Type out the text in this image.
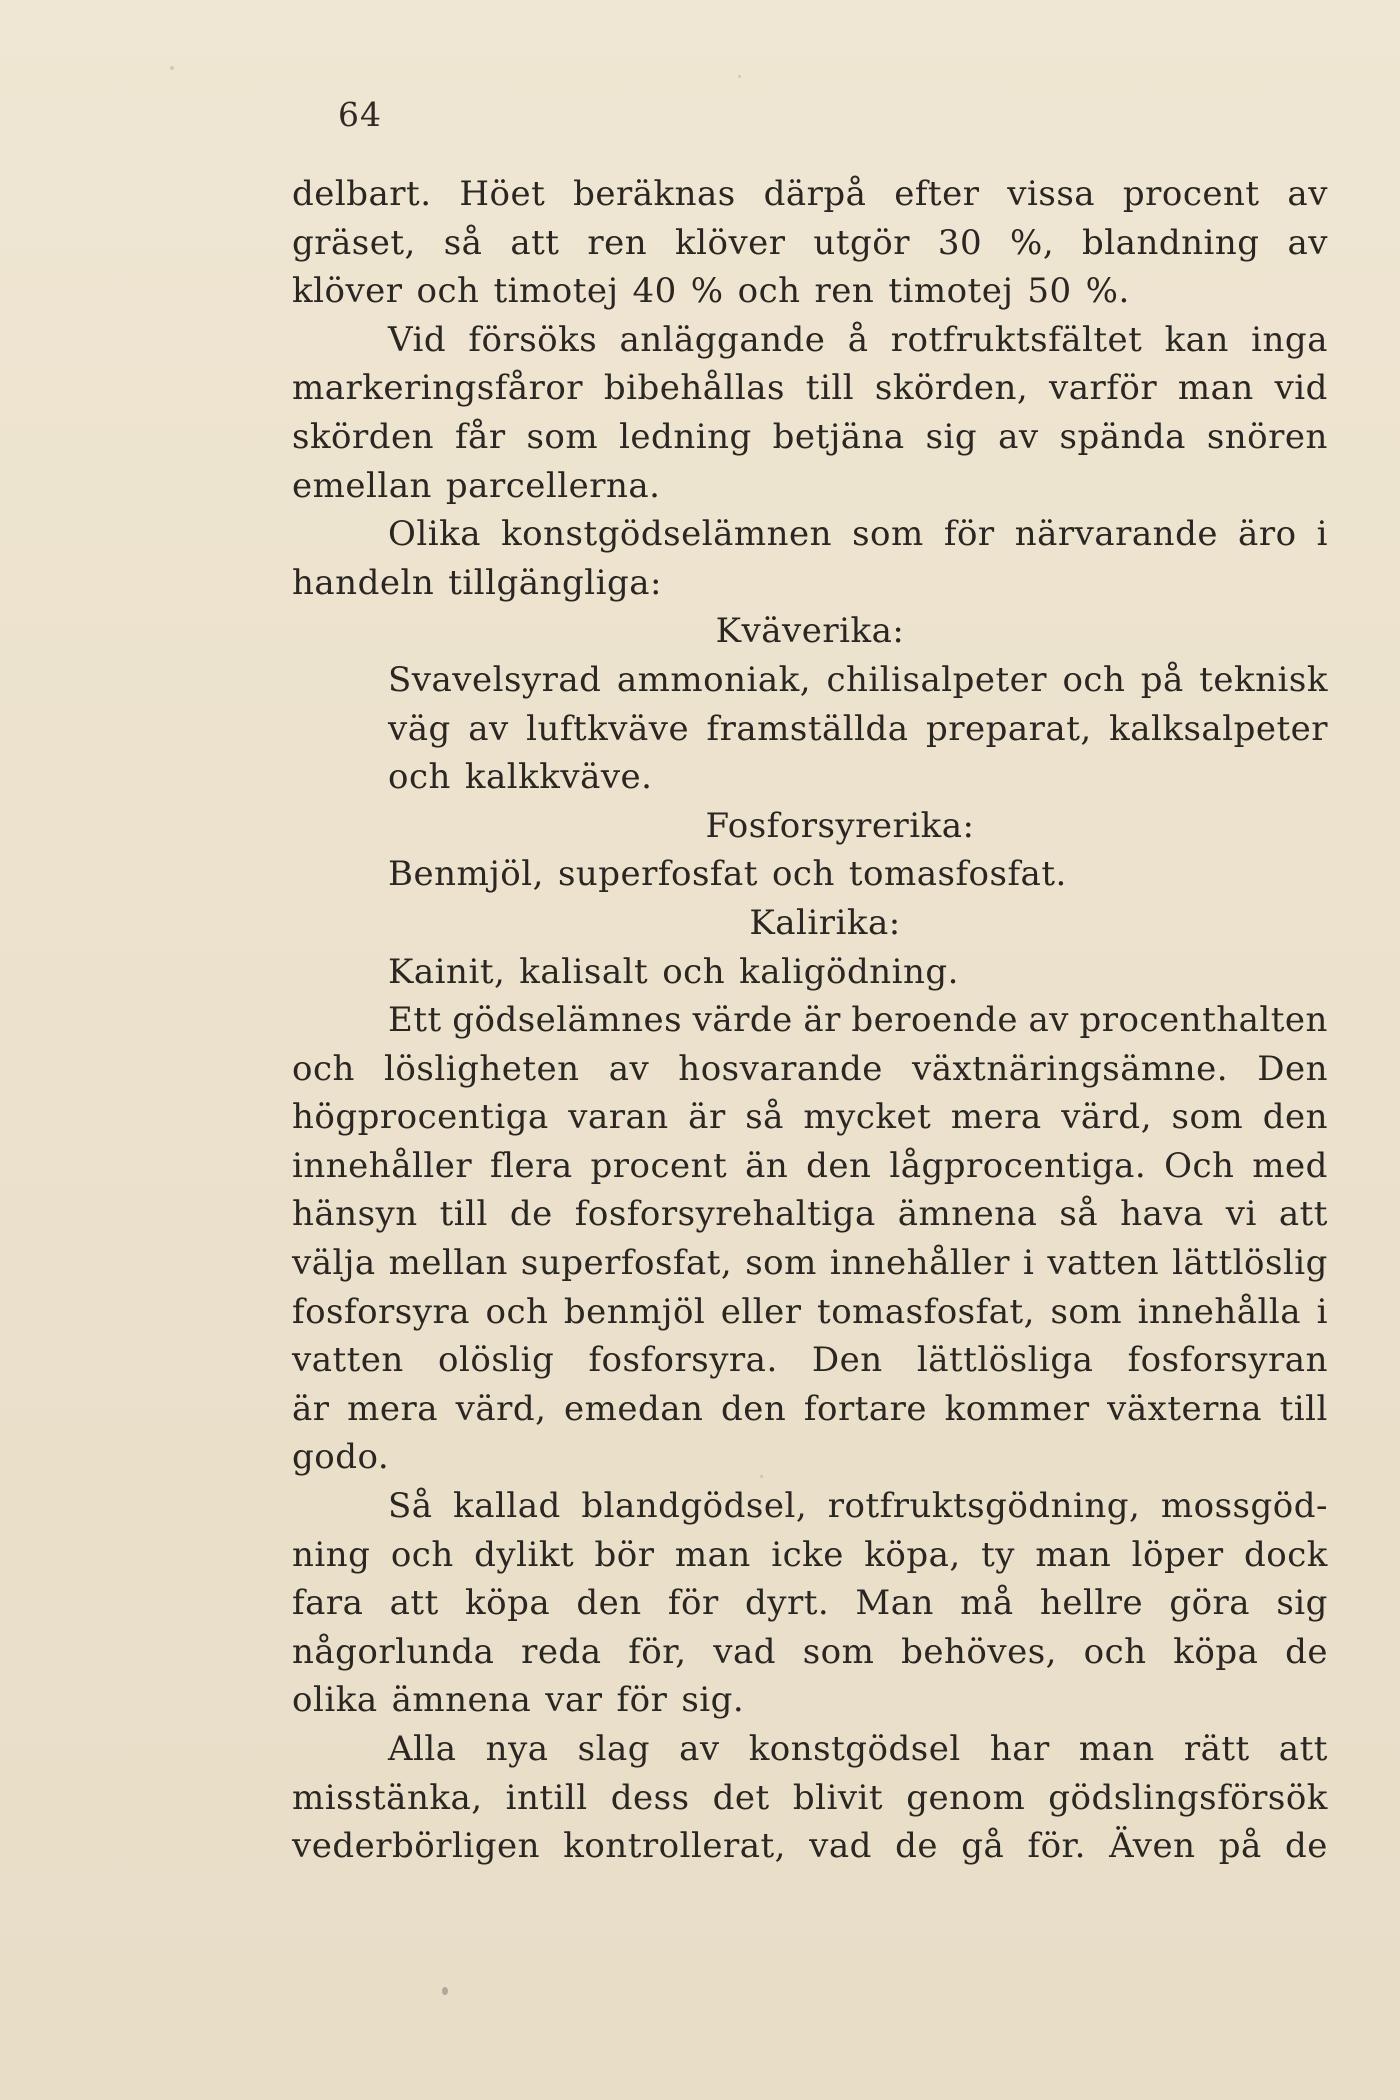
64
delbart. Höet beräknas därpå efter vissa procent av
gräset, så att ren klöver utgör 30 %, blandning av
klöver och timotej 40 % och ren timotej 50 %.
Vid försöks anläggande å rotfruktsfältet kan inga
markeringsfåror bibehållas till skörden, varför man vid
skörden får som ledning betjäna sig av spända snören
emellan parcellerna.
Olika konstgödselämnen som för närvarande äro i
handeln tillgängliga:
Kväverika:
Svavelsyrad ammoniak, chilisalpeter och på teknisk
väg av luftkväve framställda preparat, kalksalpeter
och kalkkväve.
Fosforsyrerika:
Benmjöl, superfosfat och tomasfosfat.
Kalirika:
Kainit, kalisalt och kaligödning.
Ett gödselämnes värde är beroende av procenthalten
och lösligheten av hosvarande växtnäringsämne. Den
högprocentiga varan är så mycket mera värd, som den
innehåller flera procent än den lågprocentiga. Och med
hänsyn till de fosforsyrehaltiga ämnena så hava vi att
välja mellan superfosfat, som innehåller i vatten lättlöslig
fosforsyra och benmjöl eller tomasfosfat, som innehålla i
vatten olöslig fosforsyra. Den lättlösliga fosforsyran
är mera värd, emedan den fortare kommer växterna till
godo.
Så kallad blandgödsel, rotfruktsgödning, mossgöd-
ning och dylikt bör man icke köpa, ty man löper dock
fara att köpa den för dyrt. Man må hellre göra sig
någorlunda reda för, vad som behöves, och köpa de
olika ämnena var för sig.
Alla nya slag av konstgödsel har man rätt att
misstänka, intill dess det blivit genom gödslingsförsök
vederbörligen kontrollerat, vad de gå för. Även på de
